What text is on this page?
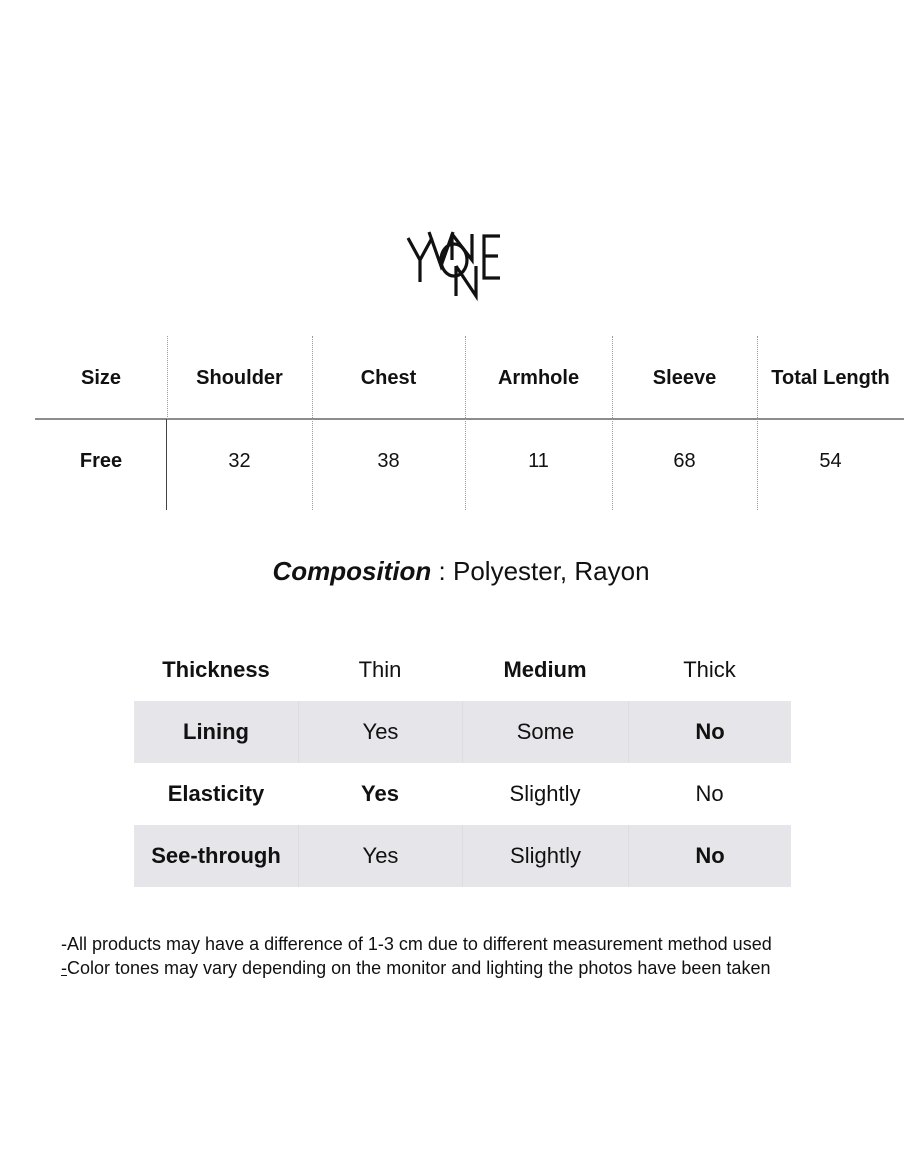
Size	Shoulder	Chest	Armhole	Sleeve	Total Length
Free	32	38	11	68	54
Composition : Polyester, Rayon
Thickness	Thin	Medium	Thick
Lining	Yes	Some	No
Elasticity	Yes	Slightly	No
See-through	Yes	Slightly	No
-All products may have a difference of 1-3 cm due to different measurement method used
-Color tones may vary depending on the monitor and lighting the photos have been taken
